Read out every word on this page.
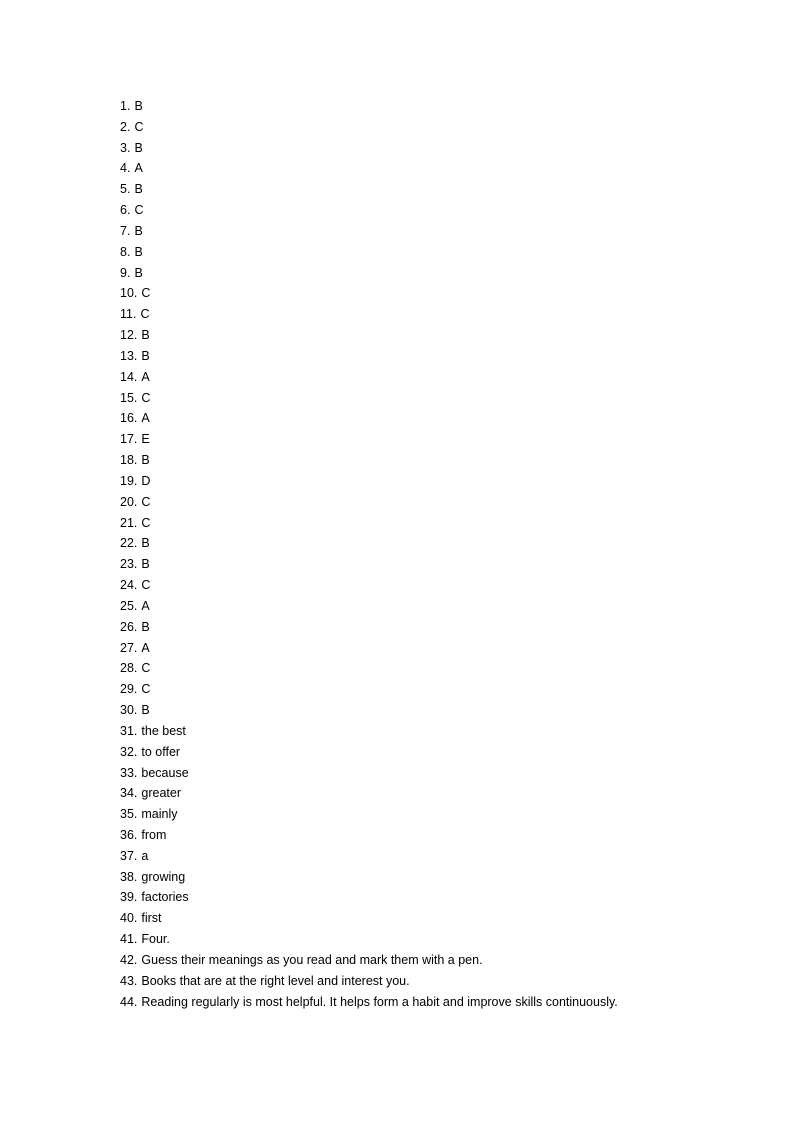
1. B
2. C
3. B
4. A
5. B
6. C
7. B
8. B
9. B
10. C
11. C
12. B
13. B
14. A
15. C
16. A
17. E
18. B
19. D
20. C
21. C
22. B
23. B
24. C
25. A
26. B
27. A
28. C
29. C
30. B
31. the best
32. to offer
33. because
34. greater
35. mainly
36. from
37. a
38. growing
39. factories
40. first
41. Four.
42. Guess their meanings as you read and mark them with a pen.
43. Books that are at the right level and interest you.
44. Reading regularly is most helpful. It helps form a habit and improve skills continuously.
